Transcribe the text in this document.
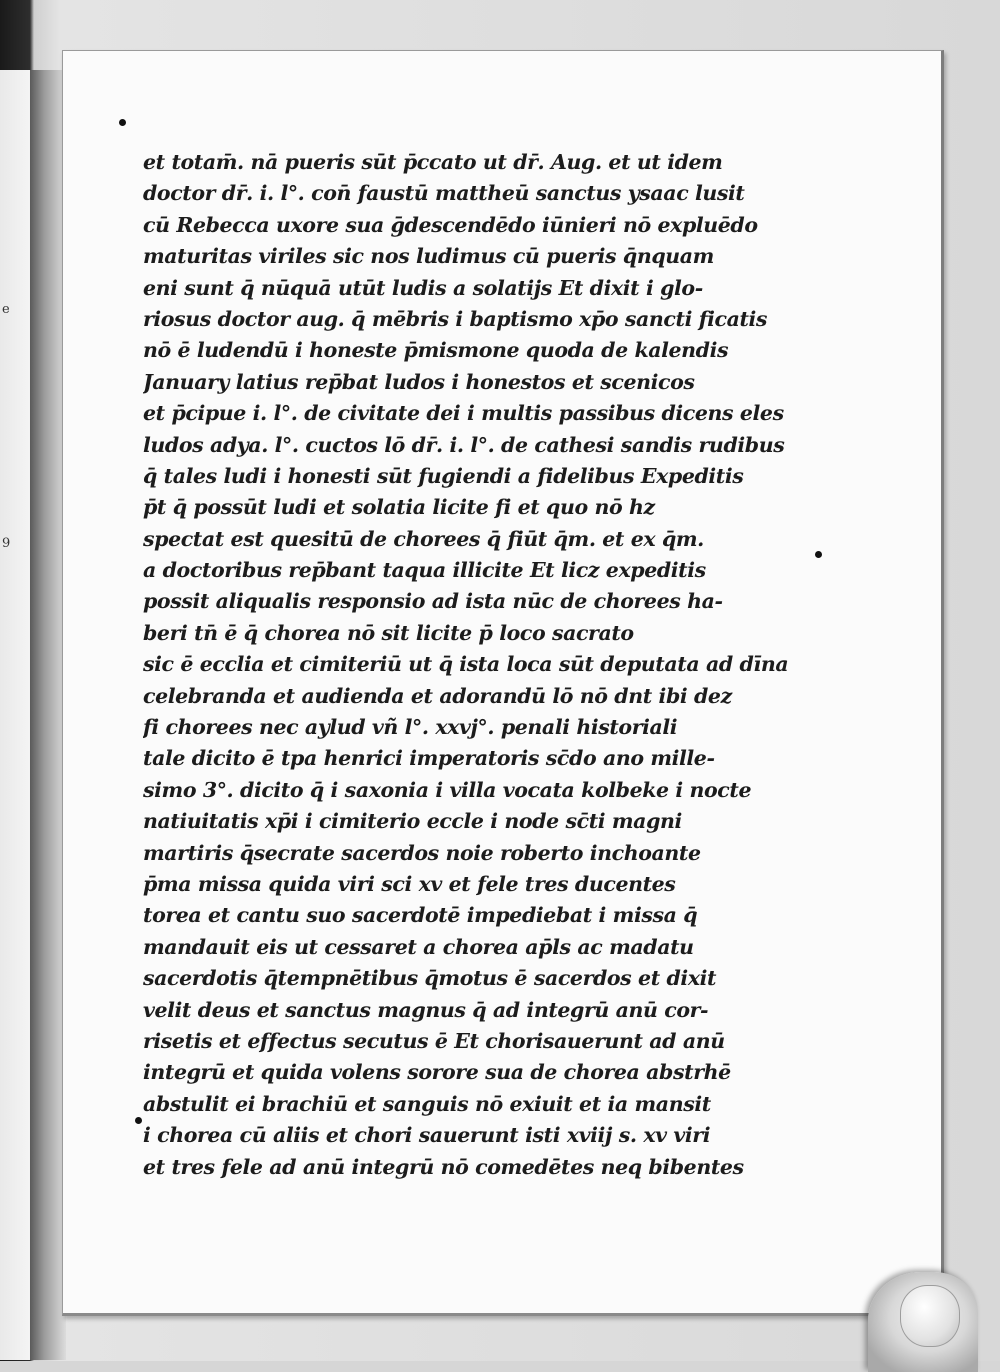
e
9
et totam̄. nā pueris sūt p̄ccato ut dr̄. Aug. et ut idem
doctor dr̄. i. l°. con̄ faustū mattheū sanctus ysaac lusit
cū Rebecca uxore sua ḡdescendēdo iūnieri nō expluēdo
maturitas viriles sic nos ludimus cū pueris q̄nquam
eni sunt q̄ nūquā utūt ludis a solatijs Et dixit i glo-
riosus doctor aug. q̄ mēbris i baptismo xp̄o sancti ficatis
nō ē ludendū i honeste p̄mismone quoda de kalendis
January latius rep̄bat ludos i honestos et scenicos
et p̄cipue i. l°. de civitate dei i multis passibus dicens eles
ludos adya. l°. cuctos lō dr̄. i. l°. de cathesi sandis rudibus
q̄ tales ludi i honesti sūt fugiendi a fidelibus Expeditis
p̄t q̄ possūt ludi et solatia licite fi et quo nō hz
spectat est quesitū de chorees q̄ fiūt q̄m. et ex q̄m.
a doctoribus rep̄bant taqua illicite Et licz expeditis
possit aliqualis responsio ad ista nūc de chorees ha-
beri tn̄ ē q̄ chorea nō sit licite p̄ loco sacrato
sic ē ecclia et cimiteriū ut q̄ ista loca sūt deputata ad dīna
celebranda et audienda et adorandū lō nō dnt ibi dez
fi chorees nec aylud vñ l°. xxvj°. penali historiali
tale dicito ē tpa henrici imperatoris sc̄do ano mille-
simo 3°. dicito q̄ i saxonia i villa vocata kolbeke i nocte
natiuitatis xp̄i i cimiterio eccle i node sc̄ti magni
martiris q̄secrate sacerdos noie roberto inchoante
p̄ma missa quida viri sci xv et fele tres ducentes
torea et cantu suo sacerdotē impediebat i missa q̄
mandauit eis ut cessaret a chorea ap̄ls ac madatu
sacerdotis q̄tempnētibus q̄motus ē sacerdos et dixit
velit deus et sanctus magnus q̄ ad integrū anū cor-
risetis et effectus secutus ē Et chorisauerunt ad anū
integrū et quida volens sorore sua de chorea abstrhē
abstulit ei brachiū et sanguis nō exiuit et ia mansit
i chorea cū aliis et chori sauerunt isti xviij s. xv viri
et tres fele ad anū integrū nō comedētes neq bibentes
